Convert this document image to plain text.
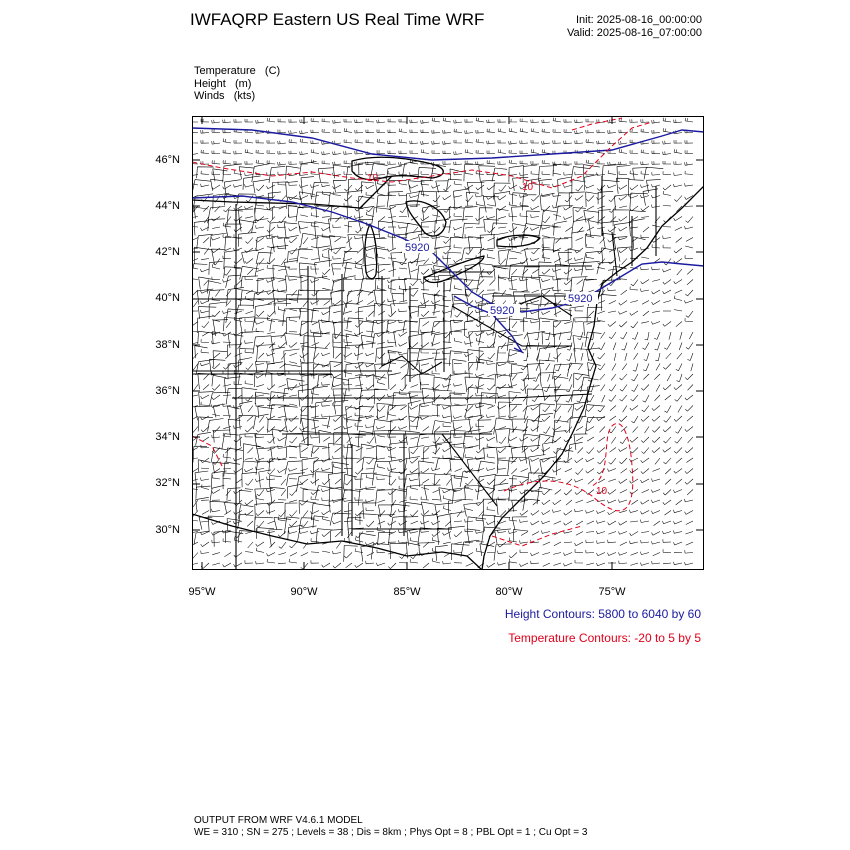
IWFAQRP Eastern US Real Time WRF	Init: 2025-08-16_00:00:00
Valid: 2025-08-16_07:00:00
Temperature   (C)
Height   (m)
Winds   (kts)
5920
5920
5920
10
10
10
46°N
44°N
42°N
40°N
38°N
36°N
34°N
32°N
30°N
95°W	90°W	85°W	80°W	75°W
Height Contours: 5800 to 6040 by 60
Temperature Contours: -20 to 5 by 5
OUTPUT FROM WRF V4.6.1 MODEL
WE = 310 ; SN = 275 ; Levels = 38 ; Dis = 8km ; Phys Opt = 8 ; PBL Opt = 1 ; Cu Opt = 3
